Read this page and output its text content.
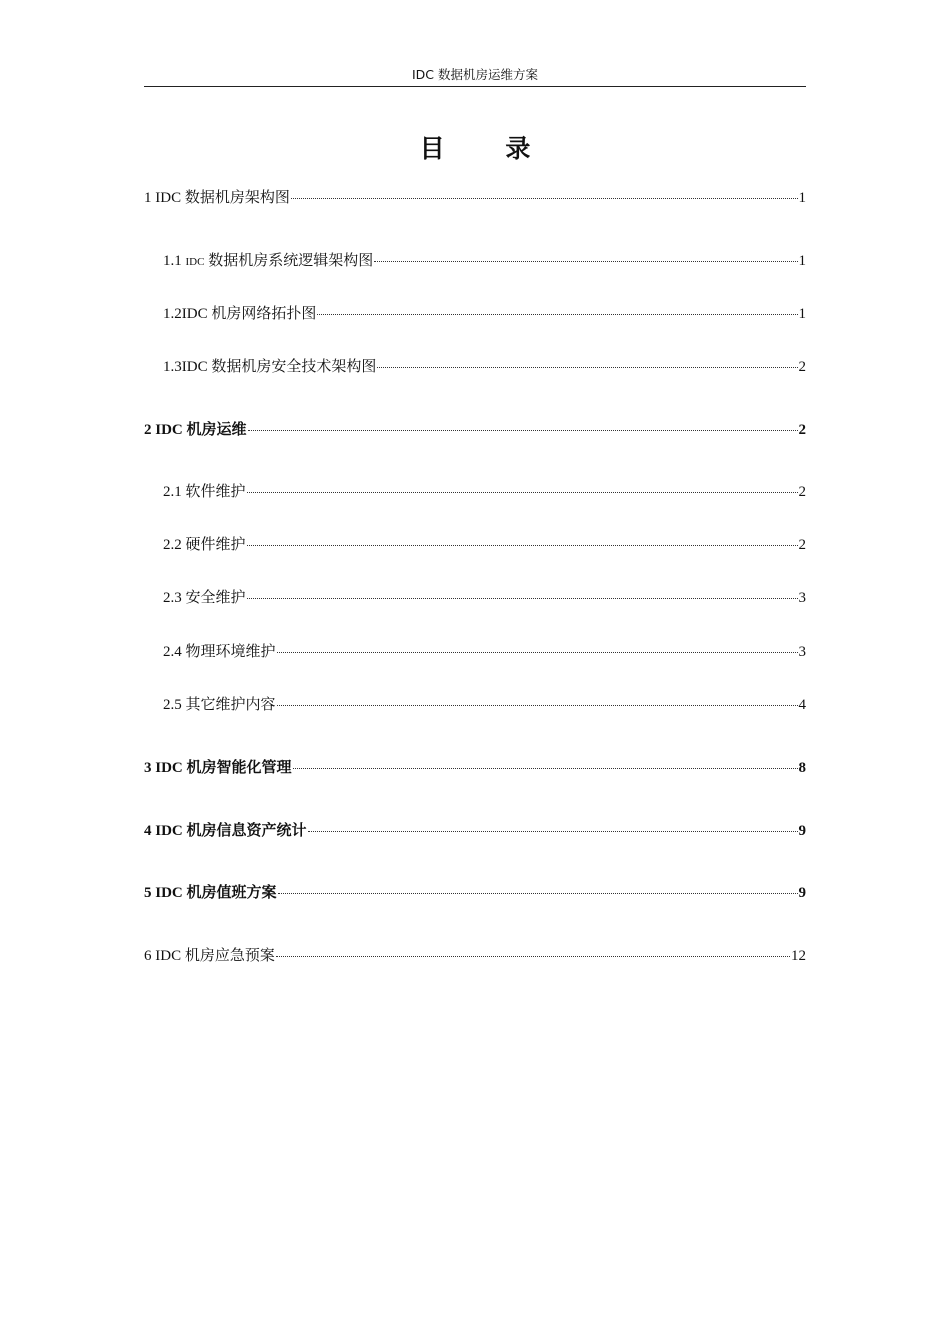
IDC 数据机房运维方案
目 录
1 IDC 数据机房架构图	1
1.1 IDC 数据机房系统逻辑架构图	1
1.2IDC 机房网络拓扑图	1
1.3IDC 数据机房安全技术架构图	2
2 IDC 机房运维	2
2.1 软件维护	2
2.2 硬件维护	2
2.3 安全维护	3
2.4 物理环境维护	3
2.5 其它维护内容	4
3 IDC 机房智能化管理	8
4 IDC 机房信息资产统计	9
5 IDC 机房值班方案	9
6 IDC 机房应急预案	12
